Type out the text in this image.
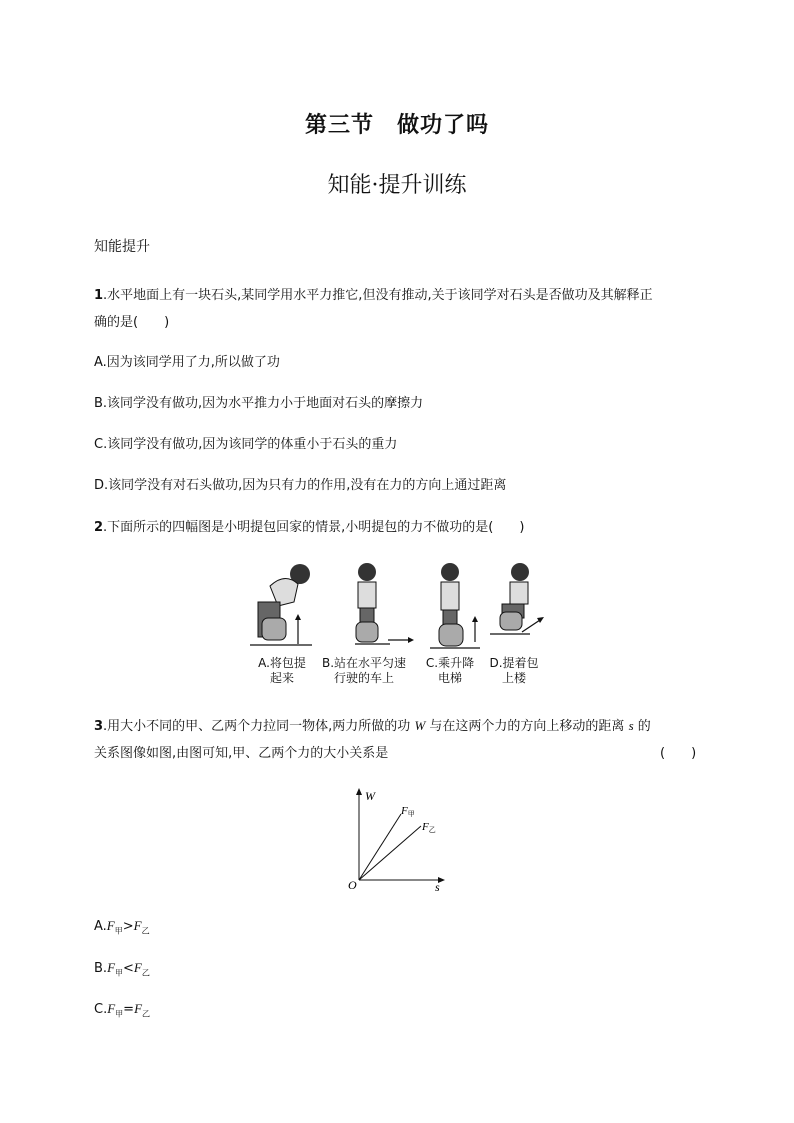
第三节　做功了吗
知能·提升训练
知能提升
1.水平地面上有一块石头,某同学用水平力推它,但没有推动,关于该同学对石头是否做功及其解释正
确的是(　　)
A.因为该同学用了力,所以做了功
B.该同学没有做功,因为水平推力小于地面对石头的摩擦力
C.该同学没有做功,因为该同学的体重小于石头的重力
D.该同学没有对石头做功,因为只有力的作用,没有在力的方向上通过距离
2.下面所示的四幅图是小明提包回家的情景,小明提包的力不做功的是(　　)
A.将包提
起来
B.站在水平匀速
行驶的车上
C.乘升降
电梯
D.提着包
上楼
3.用大小不同的甲、乙两个力拉同一物体,两力所做的功 W 与在这两个力的方向上移动的距离 s 的
关系图像如图,由图可知,甲、乙两个力的大小关系是	(　　)
W
s
O
F甲
F乙
$A.F_甲>F_乙$
$B.F_甲<F_乙$
$C.F_甲=F_乙$
